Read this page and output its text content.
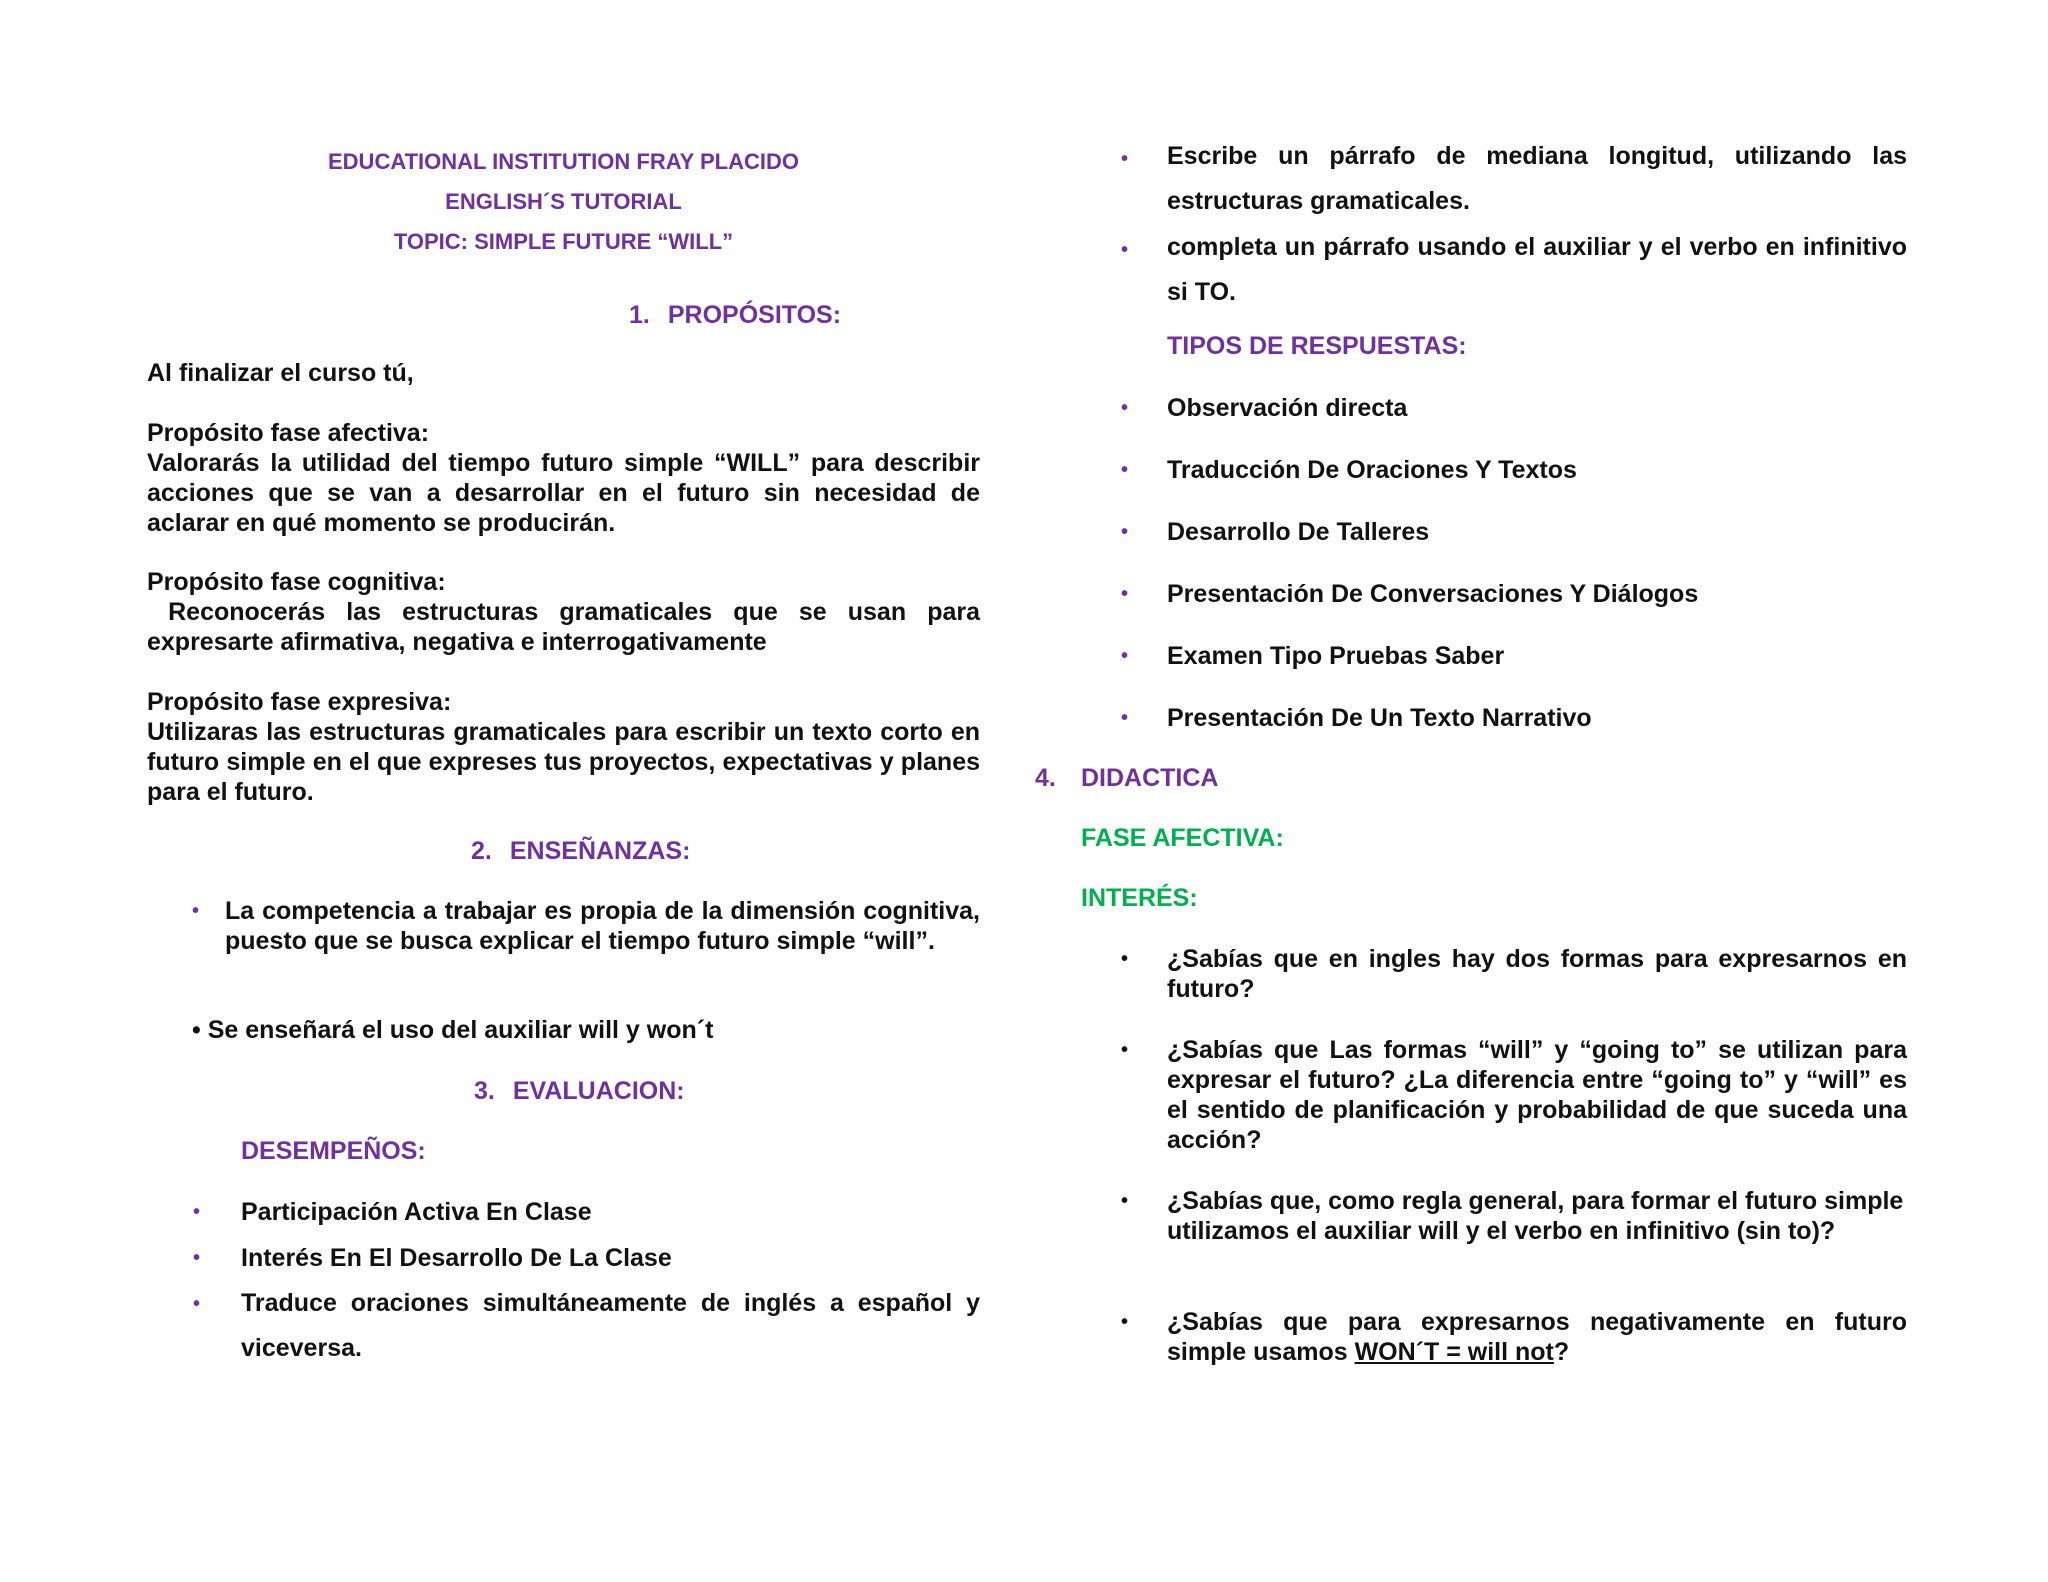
EDUCATIONAL INSTITUTION FRAY PLACIDO
ENGLISH´S TUTORIAL
TOPIC: SIMPLE FUTURE “WILL”
1. PROPÓSITOS:
Al finalizar el curso tú,
Propósito fase afectiva:
Valorarás la utilidad del tiempo futuro simple “WILL” para describir acciones que se van a desarrollar en el futuro sin necesidad de aclarar en qué momento se producirán.
Propósito fase cognitiva:
Reconocerás las estructuras gramaticales que se usan para expresarte afirmativa, negativa e interrogativamente
Propósito fase expresiva:
Utilizaras las estructuras gramaticales para escribir un texto corto en futuro simple en el que expreses tus proyectos, expectativas y planes para el futuro.
2. ENSEÑANZAS:
• La competencia a trabajar es propia de la dimensión cognitiva, puesto que se busca explicar el tiempo futuro simple “will”.
• Se enseñará el uso del auxiliar will y won´t
3. EVALUACION:
DESEMPEÑOS:
• Participación Activa En Clase
• Interés En El Desarrollo De La Clase
• Traduce oraciones simultáneamente de inglés a español y viceversa.
• Escribe un párrafo de mediana longitud, utilizando las estructuras gramaticales.
• completa un párrafo usando el auxiliar y el verbo en infinitivo si TO.
TIPOS DE RESPUESTAS:
• Observación directa
• Traducción De Oraciones Y Textos
• Desarrollo De Talleres
• Presentación De Conversaciones Y Diálogos
• Examen Tipo Pruebas Saber
• Presentación De Un Texto Narrativo
4. DIDACTICA
FASE AFECTIVA:
INTERÉS:
• ¿Sabías que en ingles hay dos formas para expresarnos en futuro?
• ¿Sabías que Las formas “will” y “going to” se utilizan para expresar el futuro? ¿La diferencia entre “going to” y “will” es el sentido de planificación y probabilidad de que suceda una acción?
• ¿Sabías que, como regla general, para formar el futuro simple utilizamos el auxiliar will y el verbo en infinitivo (sin to)?
• ¿Sabías que para expresarnos negativamente en futuro simple usamos WON´T = will not?
